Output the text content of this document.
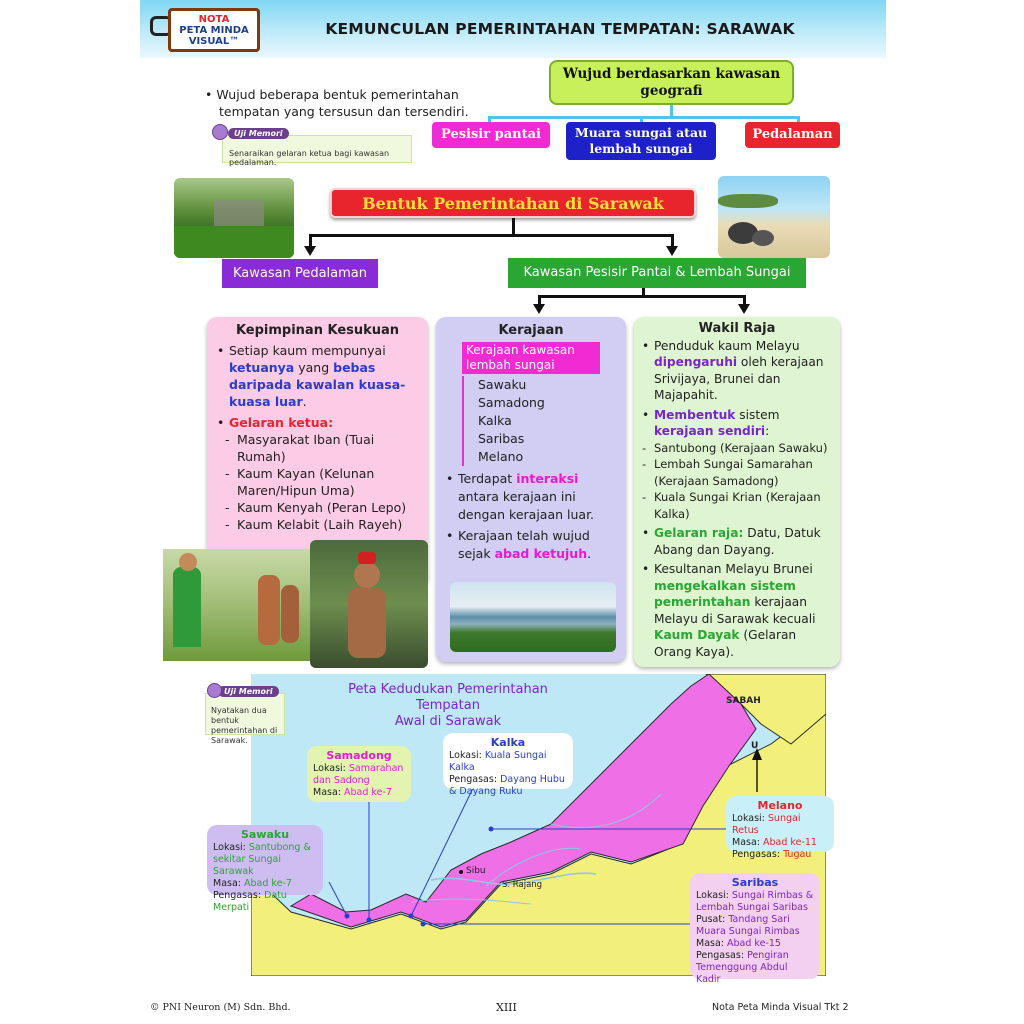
NOTA
PETA MINDA
VISUAL™
KEMUNCULAN PEMERINTAHAN TEMPATAN: SARAWAK
• Wujud beberapa bentuk pemerintahan
tempatan yang tersusun dan tersendiri.
Wujud berdasarkan kawasan
geografi
Pesisir pantai	Muara sungai atau
lembah sungai
Pedalaman
Senaraikan gelaran ketua bagi kawasan pedalaman.
Uji Memori
Bentuk Pemerintahan di Sarawak
Kawasan Pedalaman	Kawasan Pesisir Pantai & Lembah Sungai
Kepimpinan Kesukuan
• Setiap kaum mempunyai ketuanya yang bebas daripada kawalan kuasa-kuasa luar.
• Gelaran ketua:
- Masyarakat Iban (Tuai Rumah)
- Kaum Kayan (Kelunan Maren/Hipun Uma)
- Kaum Kenyah (Peran Lepo)
- Kaum Kelabit (Laih Rayeh)
Kerajaan
Kerajaan kawasan
lembah sungai
Sawaku
Samadong
Kalka
Saribas
Melano
• Terdapat interaksi antara kerajaan ini dengan kerajaan luar.
• Kerajaan telah wujud sejak abad ketujuh.
Wakil Raja
• Penduduk kaum Melayu dipengaruhi oleh kerajaan Srivijaya, Brunei dan Majapahit.
• Membentuk sistem kerajaan sendiri:
- Santubong (Kerajaan Sawaku)
- Lembah Sungai Samarahan (Kerajaan Samadong)
- Kuala Sungai Krian (Kerajaan Kalka)
• Gelaran raja: Datu, Datuk Abang dan Dayang.
• Kesultanan Melayu Brunei mengekalkan sistem pemerintahan kerajaan Melayu di Sarawak kecuali Kaum Dayak (Gelaran Orang Kaya).
Peta Kedudukan Pemerintahan Tempatan
Awal di Sarawak
SABAH
U
Sibu
S. Rajang
Nyatakan dua bentuk pemerintahan di Sarawak.
Uji Memori
Samadong
Lokasi: Samarahan dan Sadong
Masa: Abad ke-7
Kalka
Lokasi: Kuala Sungai Kalka
Pengasas: Dayang Hubu & Dayang Ruku
Sawaku
Lokasi: Santubong & sekitar Sungai Sarawak
Masa: Abad ke-7
Pengasas: Datu Merpati
Melano
Lokasi: Sungai Retus
Masa: Abad ke-11
Pengasas: Tugau
Saribas
Lokasi: Sungai Rimbas & Lembah Sungai Saribas
Pusat: Tandang Sari Muara Sungai Rimbas
Masa: Abad ke-15
Pengasas: Pengiran Temenggung Abdul Kadir
© PNI Neuron (M) Sdn. Bhd.	XIII	Nota Peta Minda Visual Tkt 2
